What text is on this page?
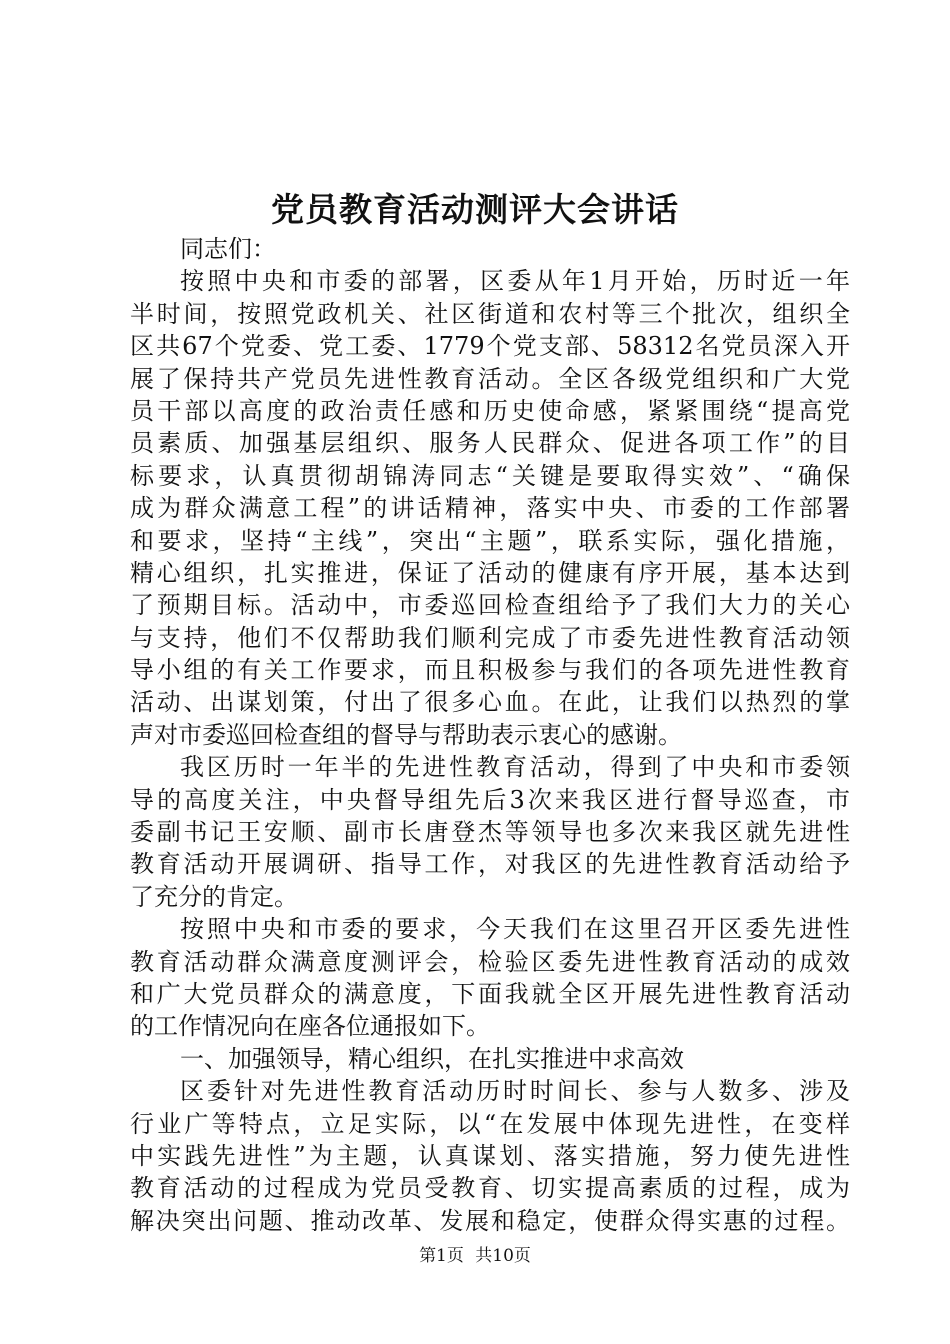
党员教育活动测评大会讲话
同志们：
按照中央和市委的部署，区委从年1月开始，历时近一年
半时间，按照党政机关、社区街道和农村等三个批次，组织全
区共67个党委、党工委、1779个党支部、58312名党员深入开
展了保持共产党员先进性教育活动。全区各级党组织和广大党
员干部以高度的政治责任感和历史使命感，紧紧围绕“提高党
员素质、加强基层组织、服务人民群众、促进各项工作”的目
标要求，认真贯彻胡锦涛同志“关键是要取得实效”、“确保
成为群众满意工程”的讲话精神，落实中央、市委的工作部署
和要求，坚持“主线”，突出“主题”，联系实际，强化措施，
精心组织，扎实推进，保证了活动的健康有序开展，基本达到
了预期目标。活动中，市委巡回检查组给予了我们大力的关心
与支持，他们不仅帮助我们顺利完成了市委先进性教育活动领
导小组的有关工作要求，而且积极参与我们的各项先进性教育
活动、出谋划策，付出了很多心血。在此，让我们以热烈的掌
声对市委巡回检查组的督导与帮助表示衷心的感谢。
我区历时一年半的先进性教育活动，得到了中央和市委领
导的高度关注，中央督导组先后3次来我区进行督导巡查，市
委副书记王安顺、副市长唐登杰等领导也多次来我区就先进性
教育活动开展调研、指导工作，对我区的先进性教育活动给予
了充分的肯定。
按照中央和市委的要求，今天我们在这里召开区委先进性
教育活动群众满意度测评会，检验区委先进性教育活动的成效
和广大党员群众的满意度，下面我就全区开展先进性教育活动
的工作情况向在座各位通报如下。
一、加强领导，精心组织，在扎实推进中求高效
区委针对先进性教育活动历时时间长、参与人数多、涉及
行业广等特点，立足实际，以“在发展中体现先进性，在变样
中实践先进性”为主题，认真谋划、落实措施，努力使先进性
教育活动的过程成为党员受教育、切实提高素质的过程，成为
解决突出问题、推动改革、发展和稳定，使群众得实惠的过程。
第1页 共10页
